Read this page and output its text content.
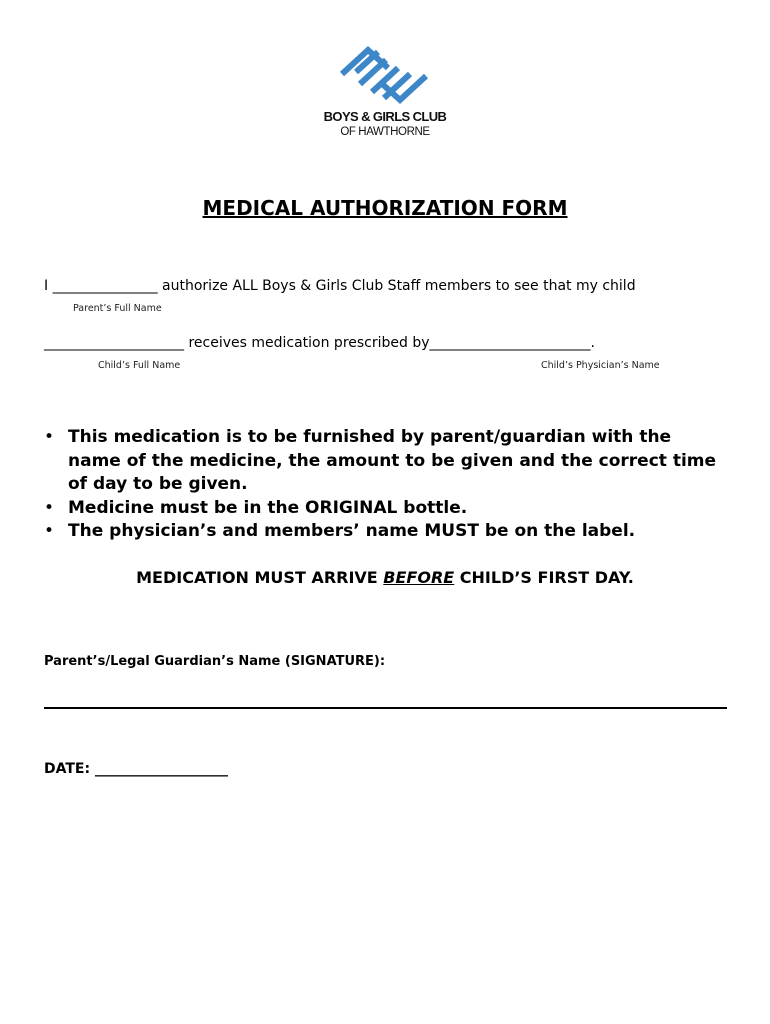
BOYS & GIRLS CLUB
OF HAWTHORNE
MEDICAL AUTHORIZATION FORM
I _______________ authorize ALL Boys & Girls Club Staff members to see that my child
Parent’s Full Name
____________________ receives medication prescribed by_______________________.
Child’s Full Name	Child’s Physician’s Name
• This medication is to be furnished by parent/guardian with the name of the medicine, the amount to be given and the correct time of day to be given.
• Medicine must be in the ORIGINAL bottle.
• The physician’s and members’ name MUST be on the label.
MEDICATION MUST ARRIVE BEFORE CHILD’S FIRST DAY.
Parent’s/Legal Guardian’s Name (SIGNATURE):
DATE: ___________________
